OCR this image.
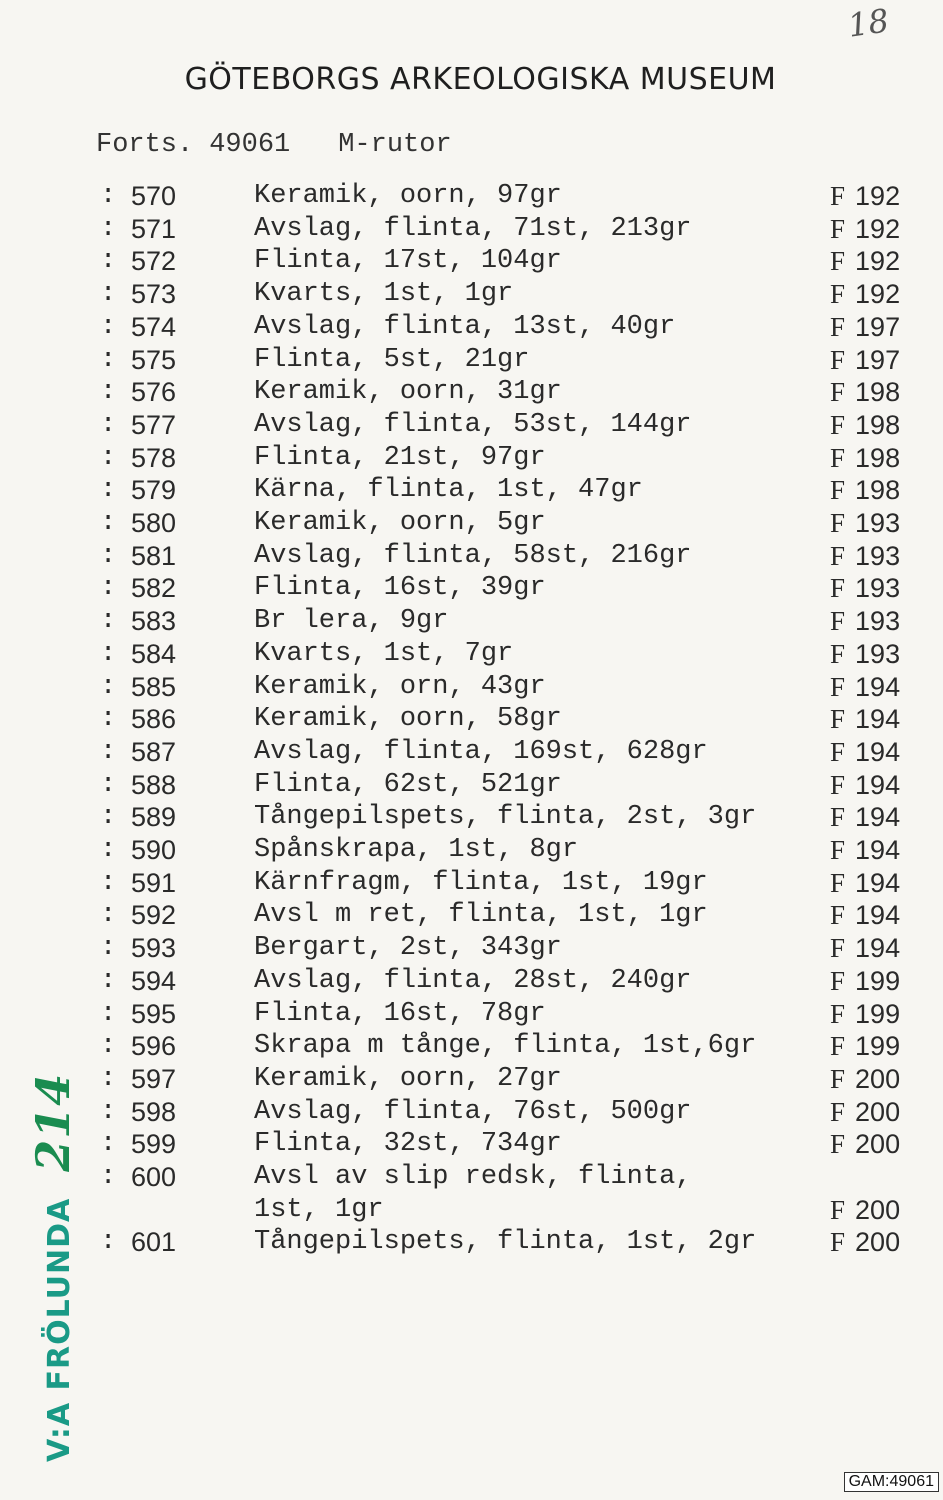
18
GÖTEBORGS ARKEOLOGISKA MUSEUM
Forts. 49061 M-rutor
: 570	Keramik, oorn, 97gr	F 192
: 571	Avslag, flinta, 71st, 213gr	F 192
: 572	Flinta, 17st, 104gr	F 192
: 573	Kvarts, 1st, 1gr	F 192
: 574	Avslag, flinta, 13st, 40gr	F 197
: 575	Flinta, 5st, 21gr	F 197
: 576	Keramik, oorn, 31gr	F 198
: 577	Avslag, flinta, 53st, 144gr	F 198
: 578	Flinta, 21st, 97gr	F 198
: 579	Kärna, flinta, 1st, 47gr	F 198
: 580	Keramik, oorn, 5gr	F 193
: 581	Avslag, flinta, 58st, 216gr	F 193
: 582	Flinta, 16st, 39gr	F 193
: 583	Br lera, 9gr	F 193
: 584	Kvarts, 1st, 7gr	F 193
: 585	Keramik, orn, 43gr	F 194
: 586	Keramik, oorn, 58gr	F 194
: 587	Avslag, flinta, 169st, 628gr	F 194
: 588	Flinta, 62st, 521gr	F 194
: 589	Tångepilspets, flinta, 2st, 3gr	F 194
: 590	Spånskrapa, 1st, 8gr	F 194
: 591	Kärnfragm, flinta, 1st, 19gr	F 194
: 592	Avsl m ret, flinta, 1st, 1gr	F 194
: 593	Bergart, 2st, 343gr	F 194
: 594	Avslag, flinta, 28st, 240gr	F 199
: 595	Flinta, 16st, 78gr	F 199
: 596	Skrapa m tånge, flinta, 1st,6gr	F 199
: 597	Keramik, oorn, 27gr	F 200
: 598	Avslag, flinta, 76st, 500gr	F 200
: 599	Flinta, 32st, 734gr	F 200
: 600	Avsl av slip redsk, flinta,
1st, 1gr	F 200
: 601	Tångepilspets, flinta, 1st, 2gr	F 200
V:A FRÖLUNDA214
GAM:49061
